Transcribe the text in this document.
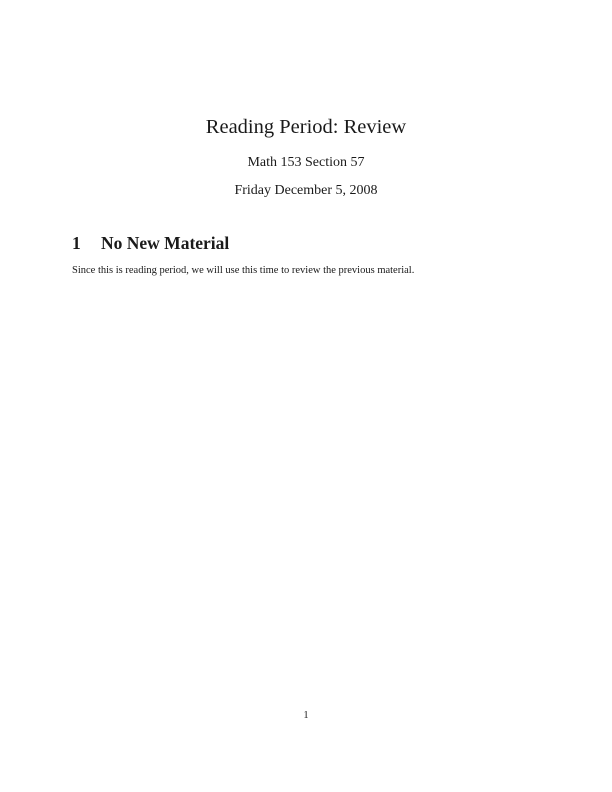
Reading Period: Review
Math 153 Section 57
Friday December 5, 2008
1 No New Material

Since this is reading period, we will use this time to review the previous material.

1
